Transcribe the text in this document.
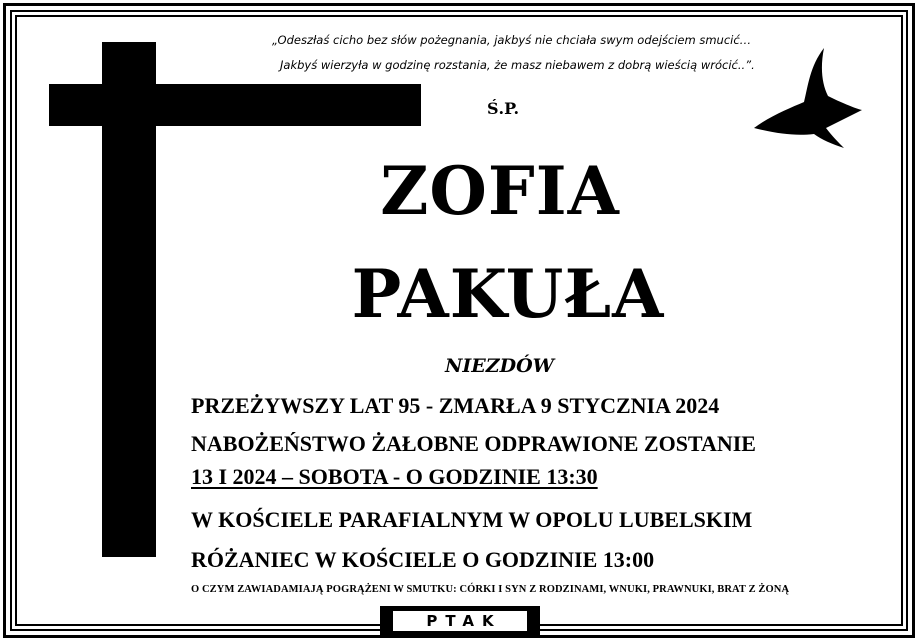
„Odeszłaś cicho bez słów pożegnania, jakbyś nie chciała swym odejściem smucić…
Jakbyś wierzyła w godzinę rozstania, że masz niebawem z dobrą wieścią wrócić..”.
Ś.P.
ZOFIA
PAKUŁA
NIEZDÓW
PRZEŻYWSZY LAT 95 - ZMARŁA 9 STYCZNIA 2024
NABOŻEŃSTWO ŻAŁOBNE ODPRAWIONE ZOSTANIE
13 I 2024 – SOBOTA - O GODZINIE 13:30
W KOŚCIELE PARAFIALNYM W OPOLU LUBELSKIM
RÓŻANIEC W KOŚCIELE O GODZINIE 13:00
O CZYM ZAWIADAMIAJĄ POGRĄŻENI W SMUTKU: CÓRKI I SYN Z RODZINAMI, WNUKI, PRAWNUKI, BRAT Z ŻONĄ
PTAK
